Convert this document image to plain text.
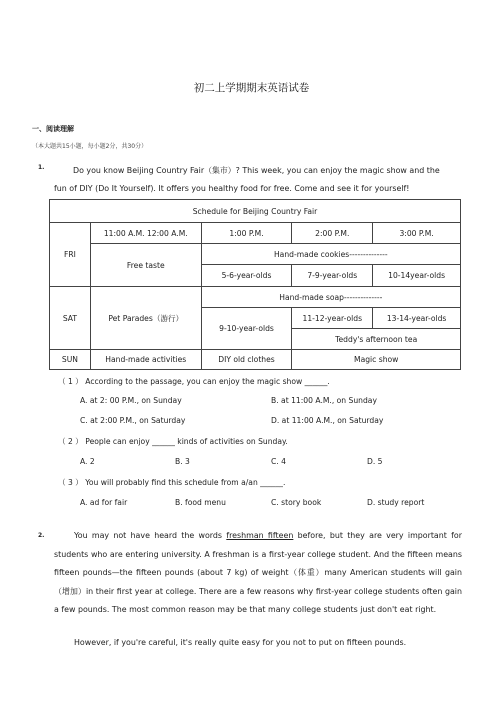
初二上学期期末英语试卷
一、阅读理解
（本大题共15小题，每小题2分，共30分）
1.	Do you know Beijing Country Fair（集市）? This week, you can enjoy the magic show and the
fun of DIY (Do It Yourself). It offers you healthy food for free. Come and see it for yourself!
Schedule for Beijing Country Fair				
FRI	11:00 A.M. 12:00 A.M.	1:00 P.M.	2:00 P.M.	3:00 P.M.
	Free taste	Hand-made cookies--------------		
		5-6-year-olds	7-9-year-olds	10-14year-olds
SAT	Pet Parades（游行）	Hand-made soap--------------		
		9-10-year-olds	11-12-year-olds	13-14-year-olds
			Teddy's afternoon tea	
SUN	Hand-made activities	DIY old clothes	Magic show	
（ 1 ） According to the passage, you can enjoy the magic show ______.
A. at 2: 00 P.M., on Sunday	B. at 11:00 A.M., on Sunday
C. at 2:00 P.M., on Saturday	D. at 11:00 A.M., on Saturday
（ 2 ） People can enjoy ______ kinds of activities on Sunday.
A. 2	B. 3	C. 4	D. 5
（ 3 ） You will probably find this schedule from a/an ______.
A. ad for fair	B. food menu	C. story book	D. study report
2.	You may not have heard the words freshman fifteen before, but they are very important for students who are entering university. A freshman is a first-year college student. And the fifteen means fifteen pounds—the fifteen pounds (about 7 kg) of weight（体重）many American students will gain（增加）in their first year at college. There are a few reasons why first-year college students often gain a few pounds. The most common reason may be that many college students just don't eat right.
However, if you're careful, it's really quite easy for you not to put on fifteen pounds.
